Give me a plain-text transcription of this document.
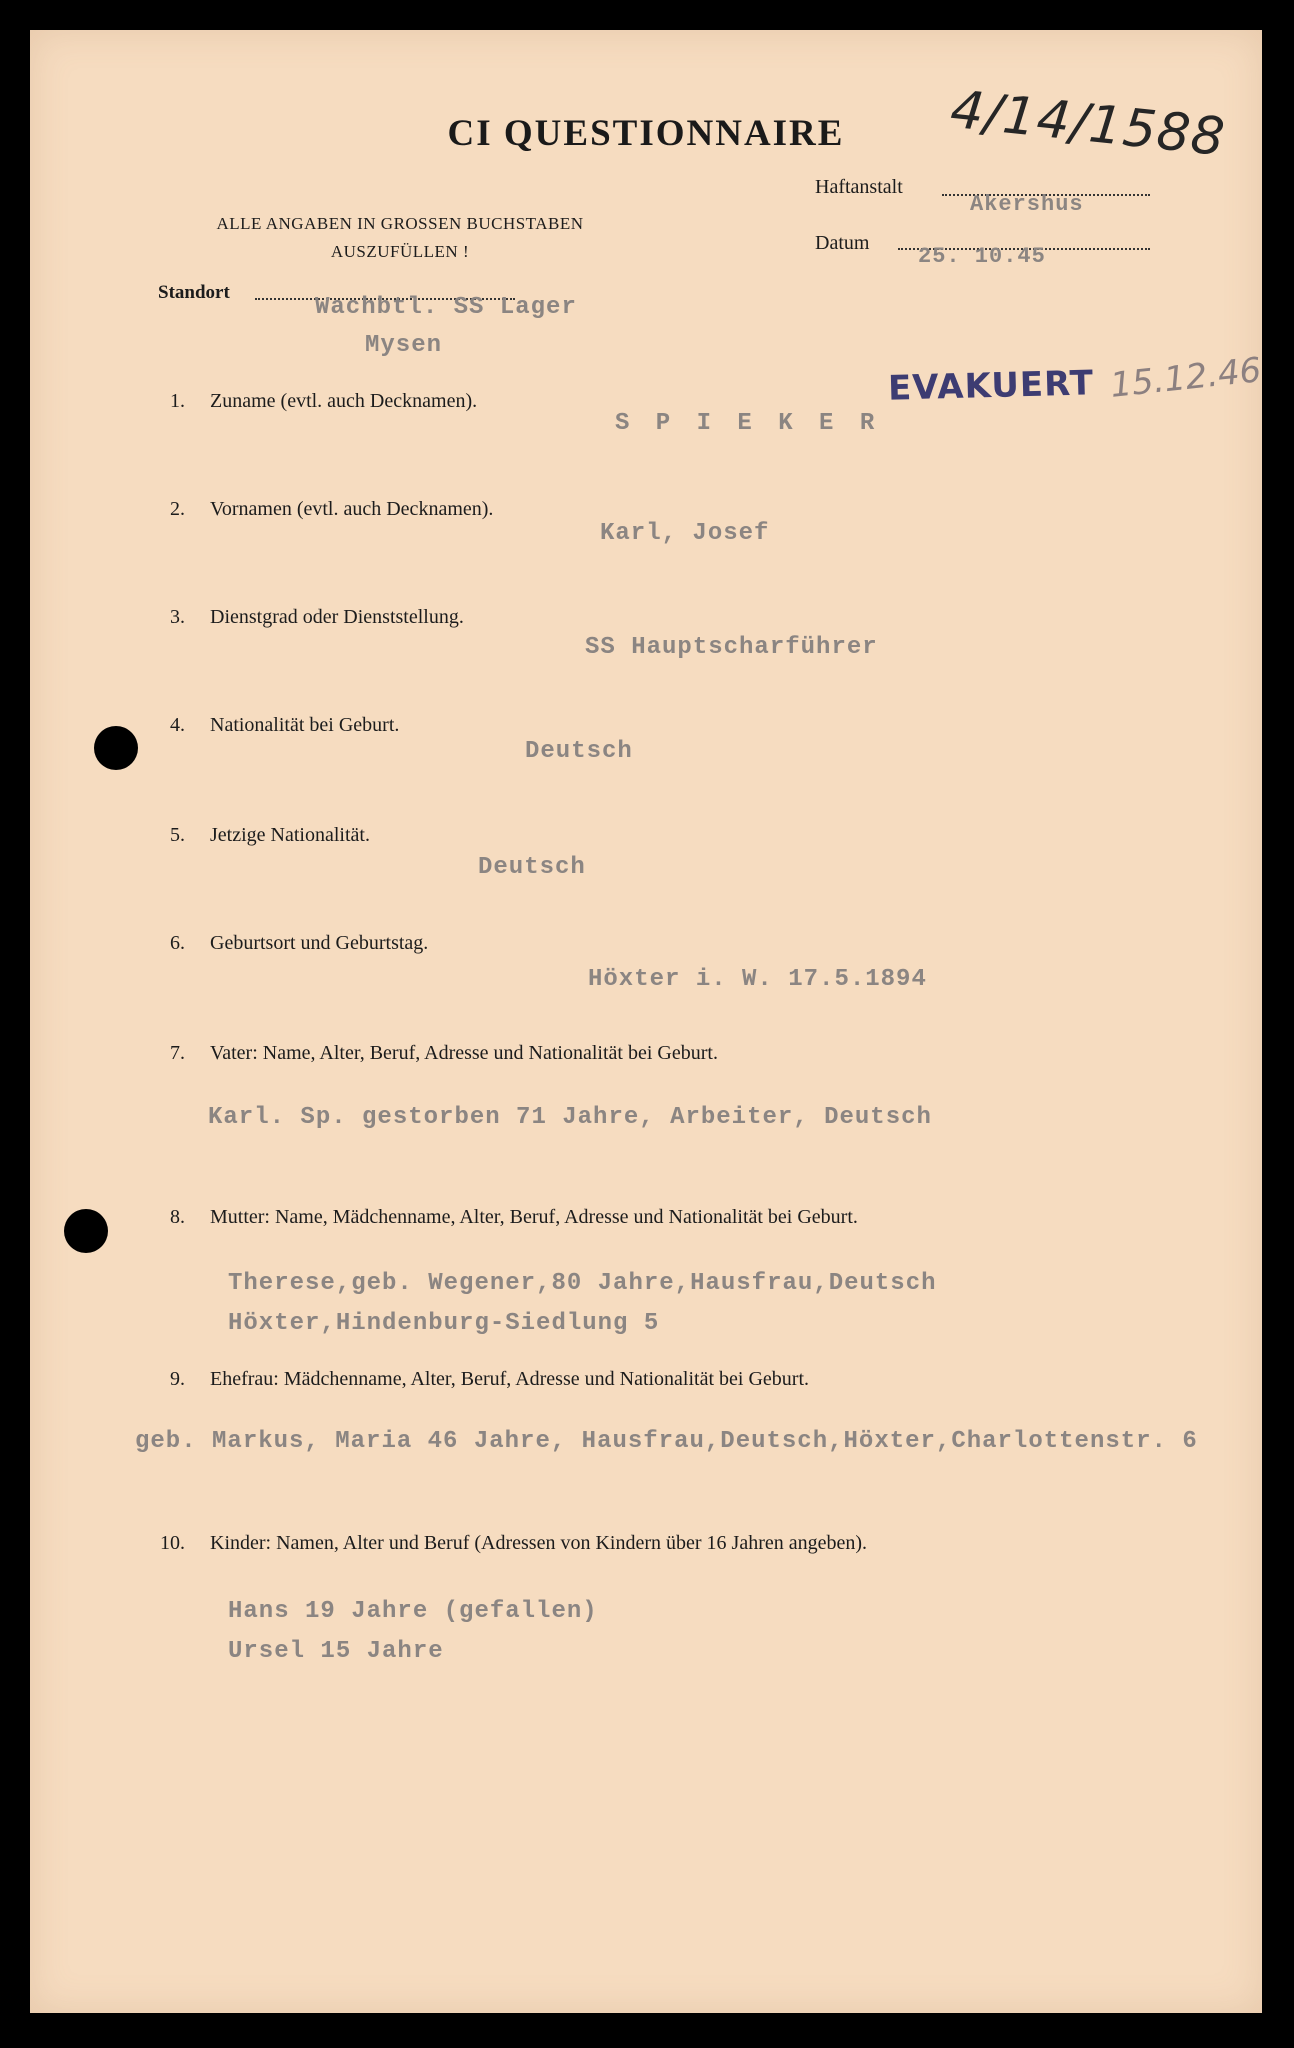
CI QUESTIONNAIRE	4/14/1588
ALLE ANGABEN IN GROSSEN BUCHSTABEN
AUSZUFÜLLEN !
Haftanstalt
Akershus
Datum
25. 10.45
Standort
Wachbtl. SS Lager
Mysen
EVAKUERT 15.12.46
1. Zuname (evtl. auch Decknamen).
S P I E K E R
2. Vornamen (evtl. auch Decknamen).
Karl, Josef
3. Dienstgrad oder Dienststellung.
SS Hauptscharführer
4. Nationalität bei Geburt.
Deutsch
5. Jetzige Nationalität.
Deutsch
6. Geburtsort und Geburtstag.
Höxter i. W. 17.5.1894
7. Vater: Name, Alter, Beruf, Adresse und Nationalität bei Geburt.
Karl. Sp. gestorben 71 Jahre, Arbeiter, Deutsch
8. Mutter: Name, Mädchenname, Alter, Beruf, Adresse und Nationalität bei Geburt.
Therese,geb. Wegener,80 Jahre,Hausfrau,Deutsch
Höxter,Hindenburg-Siedlung 5
9. Ehefrau: Mädchenname, Alter, Beruf, Adresse und Nationalität bei Geburt.
geb. Markus, Maria 46 Jahre, Hausfrau,Deutsch,Höxter,Charlottenstr. 6
10. Kinder: Namen, Alter und Beruf (Adressen von Kindern über 16 Jahren angeben).
Hans 19 Jahre (gefallen)
Ursel 15 Jahre
